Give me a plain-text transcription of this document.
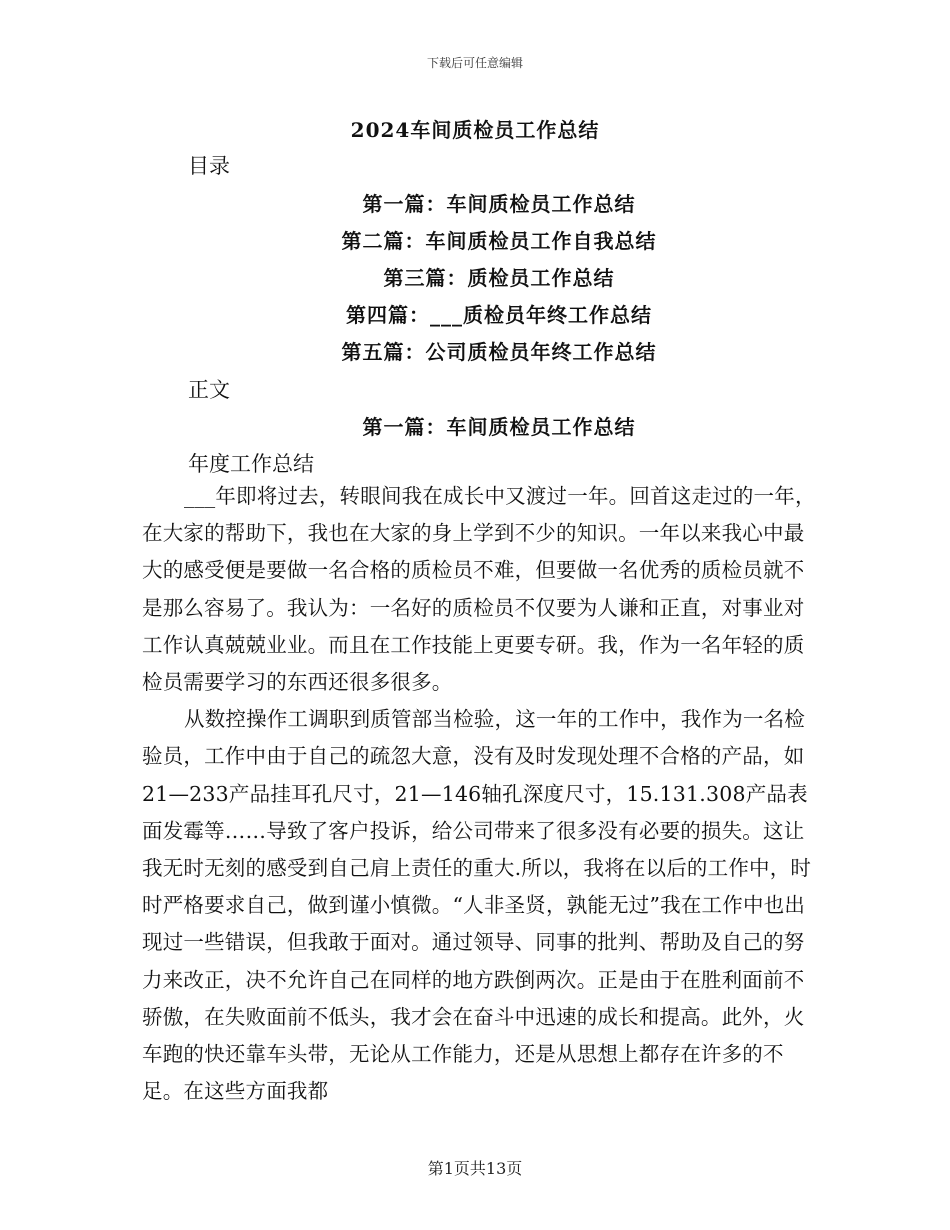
下载后可任意编辑
2024车间质检员工作总结
目录
第一篇：车间质检员工作总结
第二篇：车间质检员工作自我总结
第三篇：质检员工作总结
第四篇：___质检员年终工作总结
第五篇：公司质检员年终工作总结
正文
第一篇：车间质检员工作总结
年度工作总结

___年即将过去，转眼间我在成长中又渡过一年。回首这走过的一年，在大家的帮助下，我也在大家的身上学到不少的知识。一年以来我心中最大的感受便是要做一名合格的质检员不难，但要做一名优秀的质检员就不是那么容易了。我认为：一名好的质检员不仅要为人谦和正直，对事业对工作认真兢兢业业。而且在工作技能上更要专研。我，作为一名年轻的质检员需要学习的东西还很多很多。

从数控操作工调职到质管部当检验，这一年的工作中，我作为一名检验员，工作中由于自己的疏忽大意，没有及时发现处理不合格的产品，如21—233产品挂耳孔尺寸，21—146轴孔深度尺寸，15.131.308产品表面发霉等……导致了客户投诉，给公司带来了很多没有必要的损失。这让我无时无刻的感受到自己肩上责任的重大.所以，我将在以后的工作中，时时严格要求自己，做到谨小慎微。“人非圣贤，孰能无过”我在工作中也出现过一些错误，但我敢于面对。通过领导、同事的批判、帮助及自己的努力来改正，决不允许自己在同样的地方跌倒两次。正是由于在胜利面前不骄傲，在失败面前不低头，我才会在奋斗中迅速的成长和提高。此外，火车跑的快还靠车头带，无论从工作能力，还是从思想上都存在许多的不足。在这些方面我都

第1页共13页
